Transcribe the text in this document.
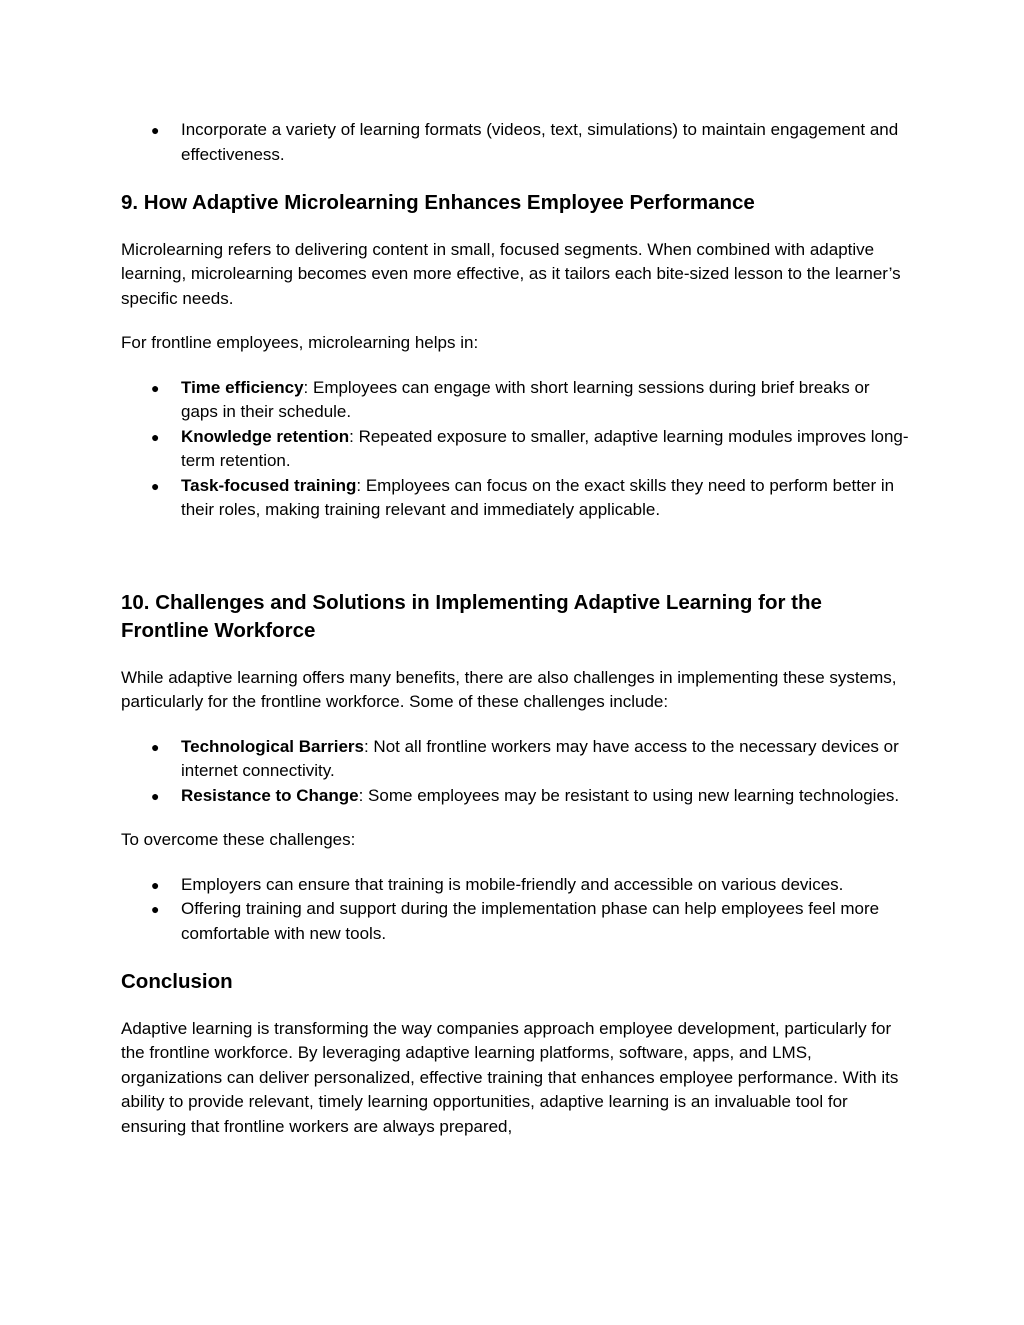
● Incorporate a variety of learning formats (videos, text, simulations) to maintain engagement and effectiveness.
9. How Adaptive Microlearning Enhances Employee Performance

Microlearning refers to delivering content in small, focused segments. When combined with adaptive learning, microlearning becomes even more effective, as it tailors each bite-sized lesson to the learner’s specific needs.

For frontline employees, microlearning helps in:

● Time efficiency: Employees can engage with short learning sessions during brief breaks or gaps in their schedule.
● Knowledge retention: Repeated exposure to smaller, adaptive learning modules improves long-term retention.
● Task-focused training: Employees can focus on the exact skills they need to perform better in their roles, making training relevant and immediately applicable.
10. Challenges and Solutions in Implementing Adaptive Learning for the Frontline Workforce

While adaptive learning offers many benefits, there are also challenges in implementing these systems, particularly for the frontline workforce. Some of these challenges include:

● Technological Barriers: Not all frontline workers may have access to the necessary devices or internet connectivity.
● Resistance to Change: Some employees may be resistant to using new learning technologies.

To overcome these challenges:

● Employers can ensure that training is mobile-friendly and accessible on various devices.
● Offering training and support during the implementation phase can help employees feel more comfortable with new tools.
Conclusion

Adaptive learning is transforming the way companies approach employee development, particularly for the frontline workforce. By leveraging adaptive learning platforms, software, apps, and LMS, organizations can deliver personalized, effective training that enhances employee performance. With its ability to provide relevant, timely learning opportunities, adaptive learning is an invaluable tool for ensuring that frontline workers are always prepared,
